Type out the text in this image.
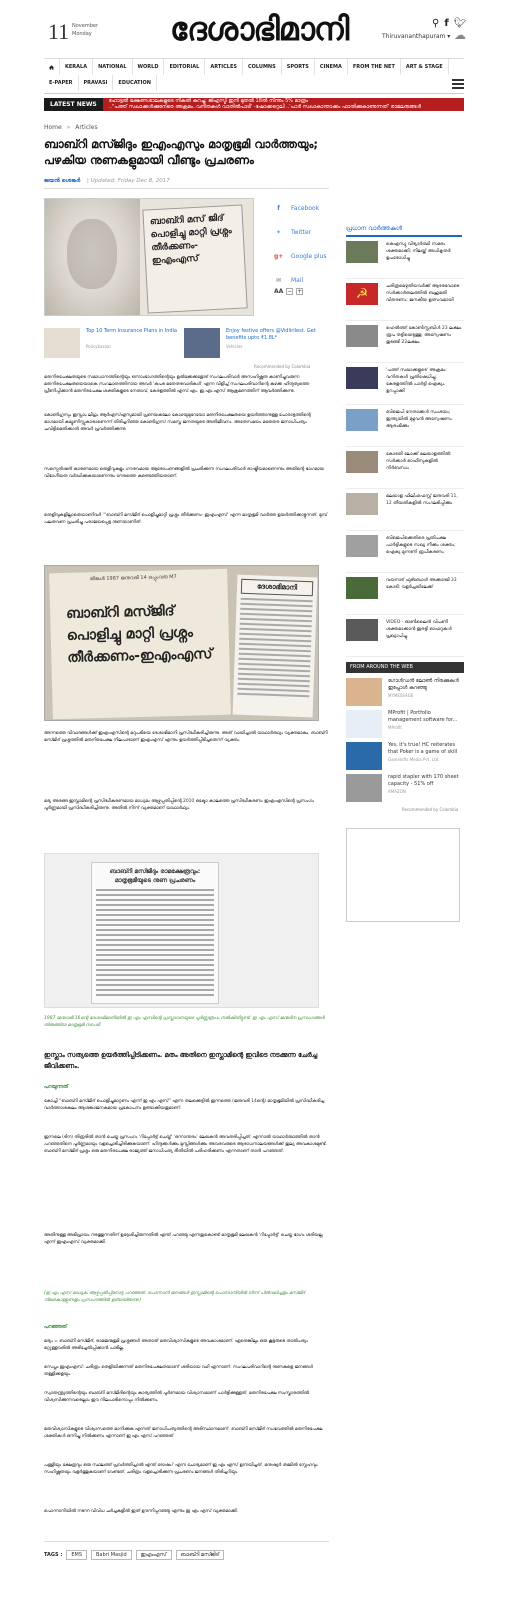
11 November
Monday ദേശാഭിമാനി	⚲ f 🐦︎
Thiruvananthapuram ▾ ☁
KERALA	NATIONAL	WORLD	EDITORIAL	ARTICLES	COLUMNS	SPORTS	CINEMA	FROM THE NET	ART & STAGE
E-PAPER	PRAVASI	EDUCATION
LATEST NEWS	ഹോട്ടൽ ഭക്ഷണശാലകളുടെ നികുതി കുറച്ചു; ജിഎസ്ടി ഇനി മുതൽ 18ൽ നിന്നും 5% മാത്രം
.."പത്ത് സഖാക്കൾക്കുനേരെ അക്രമം..വനിതകൾ വാതിൽപാടി' -ഷോക്കറ്റെലി ..'പാർ സഖാകാന്താക്കം ഫാതിക്കുകാണുന്നത്' രാമലതങ്ങൾ
Home » Articles
ബാബ്റി മസ്ജിദും ഇഎംഎസും മാതൃഭൂമി വാർത്തയും; പഴകിയ നുണകളുമായി വീണ്ടും പ്രചരണം
ജയൻ ശെങ്കർ | Updated: Friday Dec 8, 2017
ബാബ്റി മസ് ജിദ് പൊളിച്ചു മാറ്റി പ്രശ്നം തീർക്കണം-ഇഎംഎസ്
f	Facebook
✦	Twitter
g+ Google plus
✉	Mail
AA − +
Top 10 Term Insurance Plans in India
Policybazaar
Enjoy festive offers @Vidlirilest. Get benefits upto ₹1.8L*
Vehicles
Recommended by Colombia
മതനിരപേക്ഷതയുടെ സമാധാനത്തിന്റെയും ഒന്നാംഭാഗത്തിന്റെയും ഉൽക്കേക്കളോട് സംഘപരിവാർ അസഹിഷ്ണുത കാണിച്ചുവരുന്ന മതനിരപേക്ഷതയെയാകെ സംഘാതത്തിനായ അവർ 'കപട മതേതരവാദികൾ' എന്ന വിളിച്ച് സംഘപരിവാറിന്റെ കുഴക്ക ഹിന്ദുത്വത്തെ പ്രീണിപ്പിക്കാൻ മതനിരപേക്ഷ ശക്തികളുടെ നേതാവ്, കേരളത്തിൽ എസ്.എം. ഇ.എം.എസ് ആക്രമണത്തിന് ആവർത്തിക്കുന്നു.
കോൺഗ്രസും ഇസ്ലാം ലീഗും ആർഎസ്എസുമായി പ്രണയകലോ കോഴയുമുറേയോ മതനിരപേക്ഷതയെ ഉയർത്താനുള്ള പോരാട്ടത്തിന്റെ ഭാഗമായി കമ്യൂണിസ്റ്റുകാരാണെന്ന് തിരിച്ചറിഞ്ഞ കോൺഗ്രസ് സമസ്ത ജനതയുടെ അതിജീവനം. അതേസമയം മതേതര ജനാധിപത്യം ചവിട്ടിമെതിക്കാൻ അവർ പ്രവർത്തിക്കുന്നു.
സസ്പെൻഷൻ കാരണമായ തെളിവുകളും ഗൗരവമായ ആരോപണങ്ങളിൽ പ്രചരിക്കുന്ന സംഘപരിവാർ രാഷ്ട്രീയമാണെന്നും അതിന്റെ ഭാഗമായ വിഭാഗീയത വർദ്ധിക്കുകയാണെന്നും നേരത്തെ കണ്ടെത്തിയതാണ്.
തെളിവുകളില്ലാതെയാണിവർ '''ബാബ്റി മസ്ജിദ് പൊളിച്ചുമാറ്റി പ്രശ്നം തീർക്കണം- ഇഎംഎസ്' എന്ന മാതൃഭൂമി വാർത്ത ഉയർത്തിക്കാട്ടുന്നത്. മുമ്പ് പലതവണ പ്രചരിച്ചു പരാജയപ്പെട്ട നുണയാണിത്.
തിങ്കൾ 1987 ജനുവരി 14 ഒപ്പുംവരു M7
ബാബ്റി മസ്ജിദ്
പൊളിച്ചു മാറ്റി പ്രശ്നം
തീർക്കണം-ഇഎംഎസ്
ദേശാഭിമാനി
അന്നത്തെ വിവാദങ്ങൾക്ക് ഇഎംഎസിന്റെ മറുപടിയെ ദേശാഭിമാനി പ്രസിദ്ധീകരിച്ചിരുന്നു. അത് വായിച്ചാൽ യാഥാർത്ഥ്യം വ്യക്തമാകും. ബാബ്റി മസ്ജിദ് പ്രശ്നത്തിൽ മതനിരപേക്ഷ നിലപാടാണ് ഇഎംഎസ് എന്നും ഉയർത്തിപ്പിടിച്ചതെന്ന് വ്യക്തം.
മദ്യ അരങ്ങ ഇസ്ലാമിന്റെ പ്രസിദ്ധീകരണമായ മാധ്യമം ആഴ്ചപ്പതിപ്പിന്റെ 2010 ഒക്ടോ കാലത്തെ പ്രസിദ്ധീകരണം ഇഎംഎസിന്റെ പ്രസംഗം പൂർണ്ണമായി പ്രസിദ്ധീകരിച്ചിരുന്നു. അതിൽ നിന്ന് വ്യക്തമാണ് യാഥാർഥ്യം.
ബാബ്റി മസ്ജിദും രാമക്ഷേത്രവും: മാതൃഭൂമിയുടെ നുണ പ്രചരണം
1987 ജനുവരി 16ന്റെ ദേശാഭിമാനിയിൽ ഇ എം എസിന്റെ പ്രസ്താവനയുടെ പൂർണ്ണരൂപം നൽകിയിട്ടുണ്ട്. ഇ എം എസ് ജന്മദിന പ്രസംഗങ്ങൾ തിരുത്തിയ മാതൃഭൂമി നടപടി.
ഇസ്ലാം സത്യത്തെ ഉയർത്തിപ്പിടിക്കണം. മതം അതിനെ ഇസ്ലാമിന്റെ ഇവിടെ നടക്കുന്ന ചേർച്ച ജീവിക്കണം.
പറയുന്നത്
കോച്ചി ''ബാബ്റി മസ്ജിദ് പൊളിച്ചുമാറ്റണം എന്ന് ഇ എം എസ്'' എന്ന തലക്കെട്ടിൽ ഇന്നത്തെ (ജനുവരി 14ന്റെ) മാതൃഭൂമിയിൽ പ്രസിദ്ധീകരിച്ച വാർത്താശകലം ആശങ്കാജനകമായ പ്രകോപനം ഉണ്ടാക്കിയതുമാണ്.
ഇന്നലെ (ടിന) തിരൂരിൽ താൻ ചെയ്ത പ്രസംഗം 'റിപ്പോർട്ട് ചെയ്ത്' 'ഒന്നാന്തരം' ലേഖകൻ അവതരിപ്പിച്ചത്. എന്നാൽ യാഥാർത്ഥത്തിൽ താൻ പറഞ്ഞതിനെ പൂർണ്ണമായും വളച്ചൊടിച്ചിരിക്കുകയാണ്. ഹിന്ദുക്കൾക്കും മുസ്ലിങ്ങൾക്കും അവരവരുടെ ആരാധനാലയങ്ങൾക്ക് തുല്യ അവകാശമുണ്ട്. ബാബ്റി മസ്ജിദ് പ്രശ്നം ഒരു മതനിരപേക്ഷ രാജ്യത്ത് ജനാധിപത്യ രീതിയിൽ പരിഹരിക്കണം എന്നതാണ് താൻ പറഞ്ഞത്.
അതിനുള്ള അഭിപ്രായം നടത്തുന്നതിന് ഉദ്ദേശിച്ചിരുന്നതിൽ എന്ത് പറഞ്ഞു എന്നതുകൊണ്ട് മാതൃഭൂമി ലേഖകൻ 'റിപ്പോർട്ട്' ചെയ്ത ഭാഗം ശരിയല്ല എന്ന് ഇഎംഎസ് വ്യക്തമാക്കി.
(ഇ എം എസ് മാധ്യമം ആഴ്ചപ്പതിപ്പിനോടു പറഞ്ഞത്. പൊന്നാനി ജനങ്ങൾ ഇസ്ലാമിന്റെ പൊന്നാനിയിൽ നിന്ന് പിൻവലിച്ചതും മസ്ജിദ് നിലകൊള്ളുന്നതും പ്രസംഗത്തിൽ ഉണ്ടായിരുന്നു.)
പറഞ്ഞത്
മദ്യം = ബാബ്റി മസ്ജിദ്, രാമജന്മഭൂമി പ്രശ്നങ്ങൾ അതാത് മതവിശ്വാസികളുടെ അവകാശമാണ്. ഏതെങ്കിലും ഒരു കൂട്ടരുടെ താൽപര്യം മറ്റുള്ളവരിൽ അടിച്ചേൽപ്പിക്കാൻ പാടില്ല.
സെപ്തം ഇഎംഎസ്: ചരിത്രം തെളിയിക്കുന്നത് മതനിരപേക്ഷതയാണ് ശരിയായ വഴി എന്നാണ്. സംഘപരിവാറിന്റെ നുണകളെ ജനങ്ങൾ തള്ളിക്കളയും.
സ്വാതന്ത്ര്യത്തിന്റെയും ബാബ്റി മസ്ജിദിന്റെയും കാര്യത്തിൽ പൂർണമായ വിശ്വാസമാണ് പാർട്ടിക്കുള്ളത്. മതനിരപേക്ഷ സംസ്കാരത്തിൽ വിശ്വസിക്കുന്നവരെല്ലാം ഈ നിലപാടിനൊപ്പം നിൽക്കണം.
മതവിശ്വാസികളുടെ വിശ്വാസത്തെ മാനിക്കുക എന്നത് ജനാധിപത്യത്തിന്റെ അടിസ്ഥാനമാണ്. ബാബ്റി മസ്ജിദ് സംഭവത്തിൽ മതനിരപേക്ഷ ശക്തികൾ ഒന്നിച്ചു നിൽക്കണം എന്നാണ് ഇ എം എസ് പറഞ്ഞത്.
പള്ളിയും ക്ഷേത്രവും ഒരു സ്ഥലത്ത് പ്രവർത്തിച്ചാൽ എന്ത് ദോഷം? എന്ന ചോദ്യമാണ് ഇ എം എസ് ഉന്നയിച്ചത്. മനുഷ്യർ തമ്മിൽ സ്നേഹവും സഹിഷ്ണുതയും വളർത്തുകയാണ് വേണ്ടത്. ചരിത്രം വളച്ചൊടിക്കുന്ന പ്രചരണം ജനങ്ങൾ തിരിച്ചറിയും.
പൊന്നാനിയിൽ നടന്ന വിവിധ ചർച്ചകളിൽ ഇത് ഊന്നിപ്പറഞ്ഞു എന്നും ഇ എം എസ് വ്യക്തമാക്കി.
TAGS :	EMS	Babri Masjid	ഇഎംഎസ്	ബാബ്റി മസ്ജിദ്
പ്രധാന വാർത്തകൾ
കെഎസ്യു വിദ്യാർത്ഥി സമരം ശക്തമാക്കി; നിലയ്ക്ക് അധികൃതർ ഉപരോധിച്ചു
☭	ചരിത്രമെഴുതിയവർക്ക് ആദരവോടെ സർക്കാർതലത്തിൽ ബഹുമതി വിതരണം; ജനകീയ ഉത്സവമായി
ഹെൽത്ത് കോൺസ്റ്റബിൾ 23 ലക്ഷം രൂപ തട്ടിയെടുത്തു; അന്വേഷണം തുടങ്ങി 22ലക്ഷം
'പത്ത് സഖാക്കളുടെ' അക്രമം: വനിതകൾ പ്രതിഷേധിച്ചു; കേരളത്തിൽ പാർട്ടി ഐക്യം ഉറപ്പാക്കി
ബിജെപി നേതാക്കൾ സംശയം; ഇന്ത്യയിൽ മുഴുവൻ അന്വേഷണം ആരംഭിക്കും
കോടതി ലോക്ക് മലയാളത്തിൽ: സർക്കാർ ഓഫീസുകളിൽ നിർബന്ധം
മലയാള ഫിലിംഫെസ്റ്റ് ജനുവരി 11, 12 തീയതികളിൽ സംഘടിപ്പിക്കും
ബിജെപിക്കെതിരെ പ്രതിപക്ഷ പാർട്ടികളുടെ സഖ്യ നീക്കം ശക്തം; ഐക്യ മുന്നണി രൂപീകരണം
വയനാട് ഫുട്ബോൾ അക്കാദമി 33 കോടി; വളർച്ചയിലേക്ക്
VIDEO - ഓണ്‍ലൈന്‍ വിപണി ശക്തമാക്കാൻ ഇരട്ടി ഓഫറുകൾ പ്രഖ്യാപിച്ചു
FROM AROUND THE WEB
ഗോൾഡൻ ലോൺ നിരക്കുകൾ ഇപ്പോൾ കുറഞ്ഞു
MYMESSAGE
MProfit | Portfolio management software for...
MProfit
Yes, it's true! HC reiterates that Poker is a game of skill
Gamelofts Media Pvt. Ltd.
rapid stapler with 170 sheet capacity - 51% off
AMAZON
Recommended by Colombia
